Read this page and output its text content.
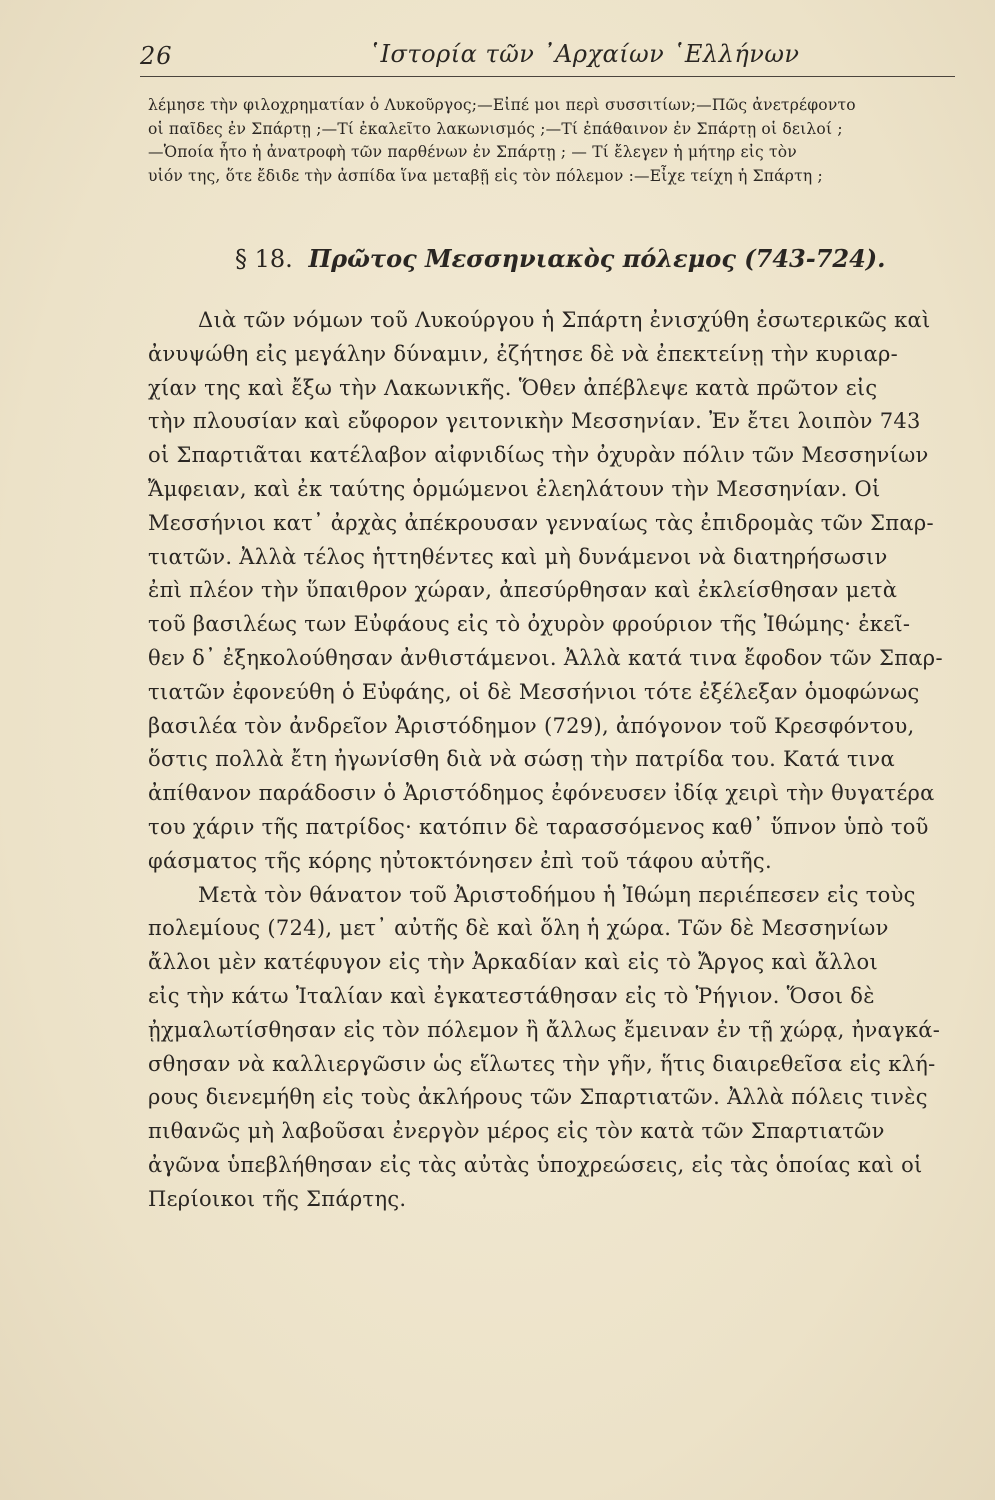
26	῾Ιστορία τῶν ᾿Αρχαίων ῾Ελλήνων
λέμησε τὴν φιλοχρηματίαν ὁ Λυκοῦργος;—Εἰπέ μοι περὶ συσσιτίων;—Πῶς ἀνετρέφοντο
οἱ παῖδες ἐν Σπάρτῃ ;—Τί ἐκαλεῖτο λακωνισμός ;—Τί ἐπάθαινον ἐν Σπάρτῃ οἱ δειλοί ;
—Ὁποία ἦτο ἡ ἀνατροφὴ τῶν παρθένων ἐν Σπάρτῃ ; — Τί ἔλεγεν ἡ μήτηρ εἰς τὸν
υἱόν της, ὅτε ἔδιδε τὴν ἀσπίδα ἵνα μεταβῇ εἰς τὸν πόλεμον :—Εἶχε τείχη ἡ Σπάρτη ;
§ 18. Πρῶτος Μεσσηνιακὸς πόλεμος (743-724).
Διὰ τῶν νόμων τοῦ Λυκούργου ἡ Σπάρτη ἐνισχύθη ἐσωτερικῶς καὶ
ἀνυψώθη εἰς μεγάλην δύναμιν, ἐζήτησε δὲ νὰ ἐπεκτείνῃ τὴν κυριαρ-
χίαν της καὶ ἔξω τὴν Λακωνικῆς. Ὅθεν ἀπέβλεψε κατὰ πρῶτον εἰς
τὴν πλουσίαν καὶ εὔφορον γειτονικὴν Μεσσηνίαν. Ἐν ἔτει λοιπὸν 743
οἱ Σπαρτιᾶται κατέλαβον αἰφνιδίως τὴν ὀχυρὰν πόλιν τῶν Μεσσηνίων
Ἄμφειαν, καὶ ἐκ ταύτης ὁρμώμενοι ἐλεηλάτουν τὴν Μεσσηνίαν. Οἱ
Μεσσήνιοι κατ᾿ ἀρχὰς ἀπέκρουσαν γενναίως τὰς ἐπιδρομὰς τῶν Σπαρ-
τιατῶν. Ἀλλὰ τέλος ἡττηθέντες καὶ μὴ δυνάμενοι νὰ διατηρήσωσιν
ἐπὶ πλέον τὴν ὕπαιθρον χώραν, ἀπεσύρθησαν καὶ ἐκλείσθησαν μετὰ
τοῦ βασιλέως των Εὐφάους εἰς τὸ ὀχυρὸν φρούριον τῆς Ἰθώμης· ἐκεῖ-
θεν δ᾿ ἐξηκολούθησαν ἀνθιστάμενοι. Ἀλλὰ κατά τινα ἔφοδον τῶν Σπαρ-
τιατῶν ἐφονεύθη ὁ Εὐφάης, οἱ δὲ Μεσσήνιοι τότε ἐξέλεξαν ὁμοφώνως
βασιλέα τὸν ἀνδρεῖον Ἀριστόδημον (729), ἀπόγονον τοῦ Κρεσφόντου,
ὅστις πολλὰ ἔτη ἠγωνίσθη διὰ νὰ σώσῃ τὴν πατρίδα του. Κατά τινα
ἀπίθανον παράδοσιν ὁ Ἀριστόδημος ἐφόνευσεν ἰδίᾳ χειρὶ τὴν θυγατέρα
του χάριν τῆς πατρίδος· κατόπιν δὲ ταρασσόμενος καθ᾿ ὕπνον ὑπὸ τοῦ
φάσματος τῆς κόρης ηὐτοκτόνησεν ἐπὶ τοῦ τάφου αὐτῆς.
Μετὰ τὸν θάνατον τοῦ Ἀριστοδήμου ἡ Ἰθώμη περιέπεσεν εἰς τοὺς
πολεμίους (724), μετ᾿ αὐτῆς δὲ καὶ ὅλη ἡ χώρα. Τῶν δὲ Μεσσηνίων
ἄλλοι μὲν κατέφυγον εἰς τὴν Ἀρκαδίαν καὶ εἰς τὸ Ἄργος καὶ ἄλλοι
εἰς τὴν κάτω Ἰταλίαν καὶ ἐγκατεστάθησαν εἰς τὸ Ῥήγιον. Ὅσοι δὲ
ᾐχμαλωτίσθησαν εἰς τὸν πόλεμον ἢ ἄλλως ἔμειναν ἐν τῇ χώρᾳ, ἠναγκά-
σθησαν νὰ καλλιεργῶσιν ὡς εἵλωτες τὴν γῆν, ἥτις διαιρεθεῖσα εἰς κλή-
ρους διενεμήθη εἰς τοὺς ἀκλήρους τῶν Σπαρτιατῶν. Ἀλλὰ πόλεις τινὲς
πιθανῶς μὴ λαβοῦσαι ἐνεργὸν μέρος εἰς τὸν κατὰ τῶν Σπαρτιατῶν
ἀγῶνα ὑπεβλήθησαν εἰς τὰς αὐτὰς ὑποχρεώσεις, εἰς τὰς ὁποίας καὶ οἱ
Περίοικοι τῆς Σπάρτης.
